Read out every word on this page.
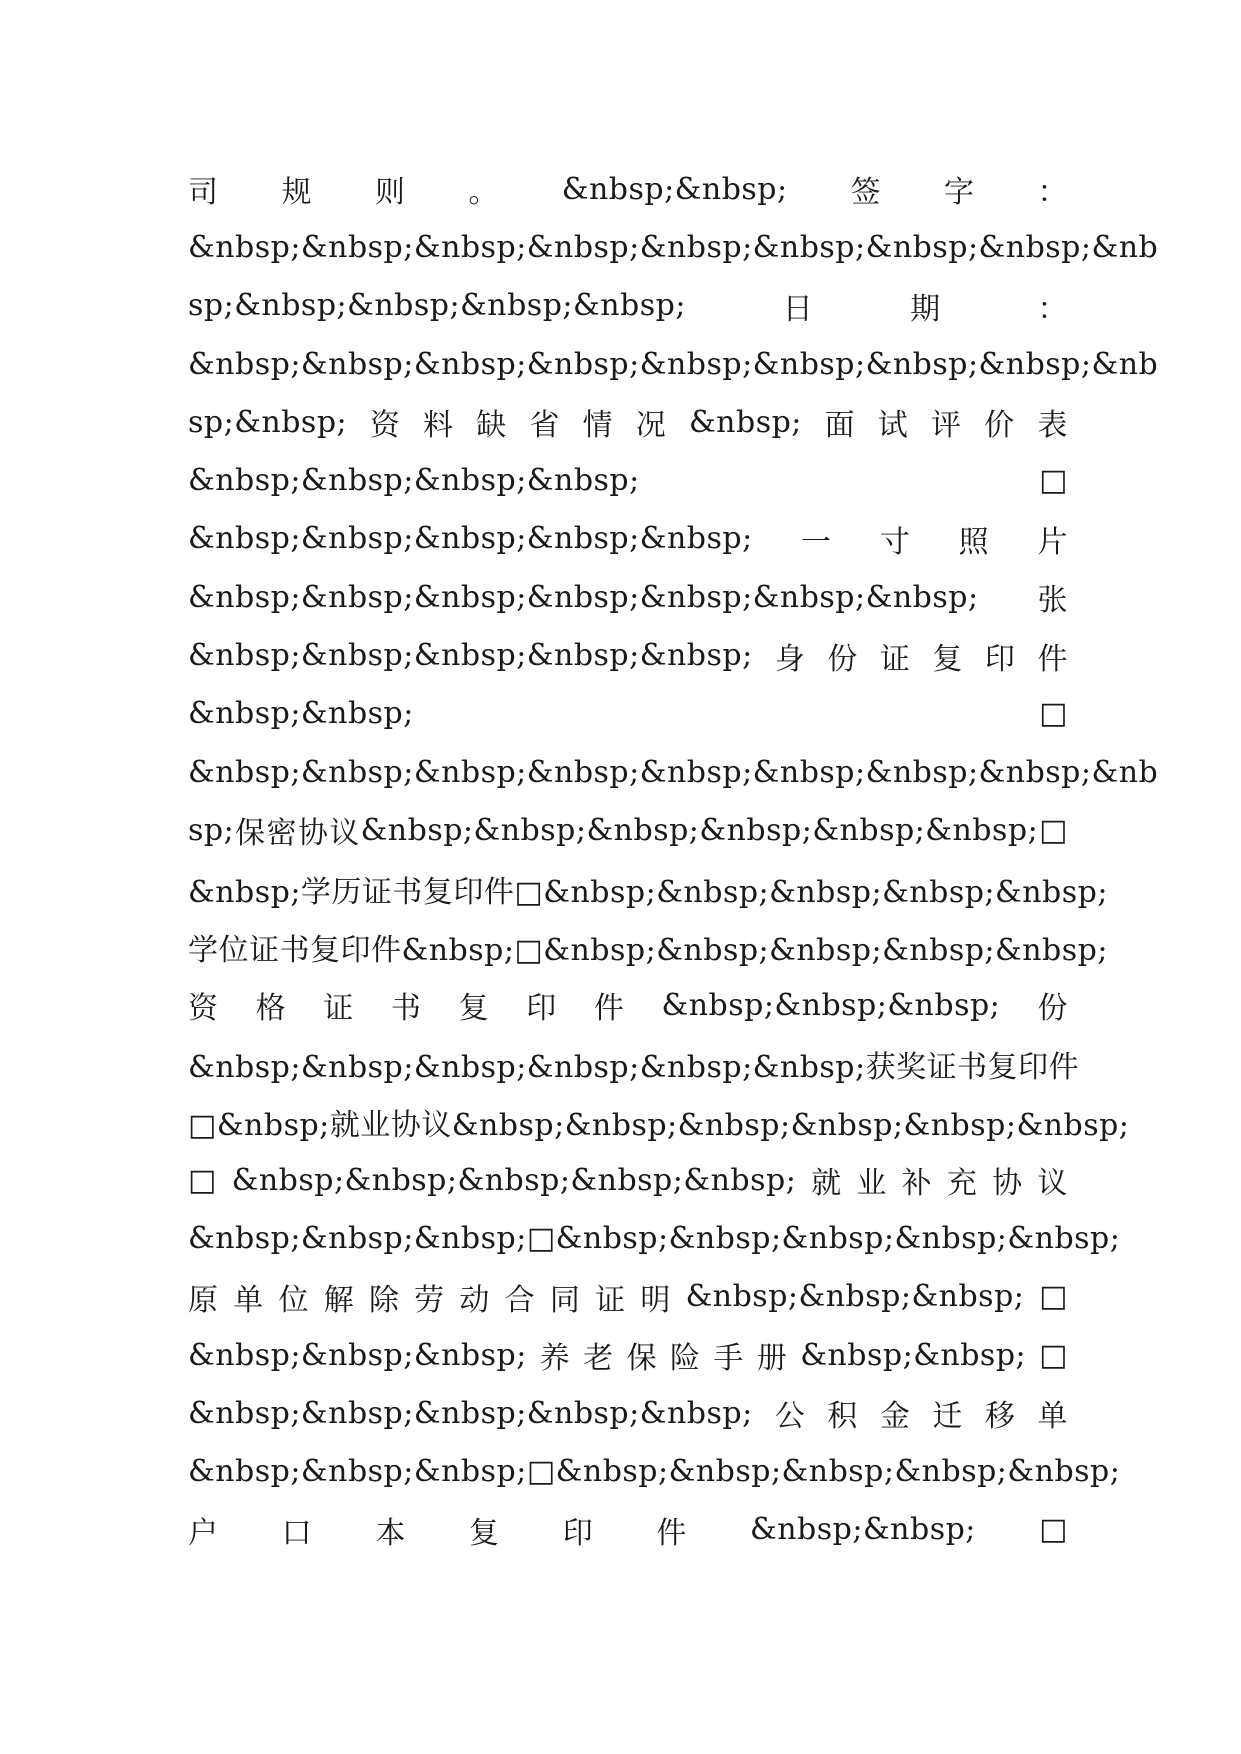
司 规 则 。 &nbsp;&nbsp; 签 字 ：
&nbsp;&nbsp;&nbsp;&nbsp;&nbsp;&nbsp;&nbsp;&nbsp;&nb
sp;&nbsp;&nbsp;&nbsp;&nbsp;	日	期	：
&nbsp;&nbsp;&nbsp;&nbsp;&nbsp;&nbsp;&nbsp;&nbsp;&nb
sp;&nbsp; 资 料 缺 省 情 况 &nbsp; 面 试 评 价 表
&nbsp;&nbsp;&nbsp;&nbsp;	□
&nbsp;&nbsp;&nbsp;&nbsp;&nbsp; 一 寸 照 片
&nbsp;&nbsp;&nbsp;&nbsp;&nbsp;&nbsp;&nbsp; 张
&nbsp;&nbsp;&nbsp;&nbsp;&nbsp; 身 份 证 复 印 件
&nbsp;&nbsp;	□
&nbsp;&nbsp;&nbsp;&nbsp;&nbsp;&nbsp;&nbsp;&nbsp;&nb
sp; 保 密 协 议 &nbsp;&nbsp;&nbsp;&nbsp;&nbsp;&nbsp; □
&nbsp;学历证书复印件□&nbsp;&nbsp;&nbsp;&nbsp;&nbsp;
学位证书复印件&nbsp;□&nbsp;&nbsp;&nbsp;&nbsp;&nbsp;
资 格 证 书 复 印 件 &nbsp;&nbsp;&nbsp; 份
&nbsp;&nbsp;&nbsp;&nbsp;&nbsp;&nbsp;获奖证书复印件
□&nbsp;就业协议&nbsp;&nbsp;&nbsp;&nbsp;&nbsp;&nbsp;
□ &nbsp;&nbsp;&nbsp;&nbsp;&nbsp; 就 业 补 充 协 议
&nbsp;&nbsp;&nbsp; □ &nbsp;&nbsp;&nbsp;&nbsp;&nbsp;
原 单 位 解 除 劳 动 合 同 证 明 &nbsp;&nbsp;&nbsp; □
&nbsp;&nbsp;&nbsp; 养 老 保 险 手 册 &nbsp;&nbsp; □
&nbsp;&nbsp;&nbsp;&nbsp;&nbsp; 公 积 金 迁 移 单
&nbsp;&nbsp;&nbsp; □ &nbsp;&nbsp;&nbsp;&nbsp;&nbsp;
户 口 本 复 印 件 &nbsp;&nbsp; □
